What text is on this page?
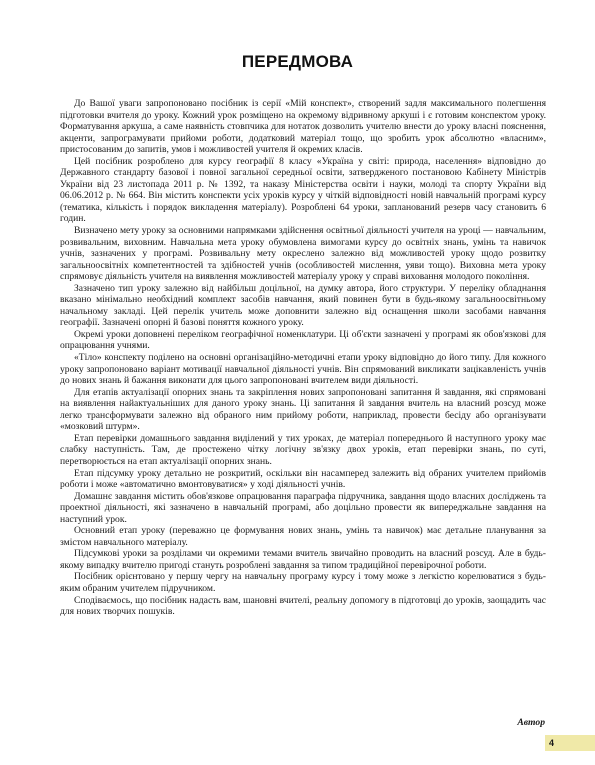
ПЕРЕДМОВА

До Вашої уваги запропоновано посібник із серії «Мій конспект», створений задля максимального полегшення підготовки вчителя до уроку. Кожний урок розміщено на окремому відривному аркуші і є готовим конспектом уроку. Форматування аркуша, а саме наявність стовпчика для нотаток дозволить учителю внести до уроку власні пояснення, акценти, запрограмувати прийоми роботи, додатковий матеріал тощо, що зробить урок абсолютно «власним», пристосованим до запитів, умов і можливостей учителя й окремих класів.

Цей посібник розроблено для курсу географії 8 класу «Україна у світі: природа, населення» відповідно до Державного стандарту базової і повної загальної середньої освіти, затвердженого постановою Кабінету Міністрів України від 23 листопада 2011 р. № 1392, та наказу Міністерства освіти і науки, молоді та спорту України від 06.06.2012 р. № 664. Він містить конспекти усіх уроків курсу у чіткій відповідності новій навчальній програмі курсу (тематика, кількість і порядок викладення матеріалу). Розроблені 64 уроки, запланований резерв часу становить 6 годин.

Визначено мету уроку за основними напрямками здійснення освітньої діяльності учителя на уроці — навчальним, розвивальним, виховним. Навчальна мета уроку обумовлена вимогами курсу до освітніх знань, умінь та навичок учнів, зазначених у програмі. Розвивальну мету окреслено залежно від можливостей уроку щодо розвитку загальноосвітніх компетентностей та здібностей учнів (особливостей мислення, уяви тощо). Виховна мета уроку спрямовує діяльність учителя на виявлення можливостей матеріалу уроку у справі виховання молодого покоління.

Зазначено тип уроку залежно від найбільш доцільної, на думку автора, його структури. У переліку обладнання вказано мінімально необхідний комплект засобів навчання, який повинен бути в будь-якому загальноосвітньому начальному закладі. Цей перелік учитель може доповнити залежно від оснащення школи засобами навчання географії. Зазначені опорні й базові поняття кожного уроку.

Окремі уроки доповнені переліком географічної номенклатури. Ці об'єкти зазначені у програмі як обов'язкові для опрацювання учнями.

«Тіло» конспекту поділено на основні організаційно-методичні етапи уроку відповідно до його типу. Для кожного уроку запропоновано варіант мотивації навчальної діяльності учнів. Він спрямований викликати зацікавленість учнів до нових знань й бажання виконати для цього запропоновані вчителем види діяльності.

Для етапів актуалізації опорних знань та закріплення нових запропоновані запитання й завдання, які спрямовані на виявлення найактуальніших для даного уроку знань. Ці запитання й завдання вчитель на власний розсуд може легко трансформувати залежно від обраного ним прийому роботи, наприклад, провести бесіду або організувати «мозковий штурм».

Етап перевірки домашнього завдання виділений у тих уроках, де матеріал попереднього й наступного уроку має слабку наступність. Там, де простежено чітку логічну зв'язку двох уроків, етап перевірки знань, по суті, перетворюється на етап актуалізації опорних знань.

Етап підсумку уроку детально не розкритий, оскільки він насамперед залежить від обраних учителем прийомів роботи і може «автоматично вмонтовуватися» у ході діяльності учнів.

Домашнє завдання містить обов'язкове опрацювання параграфа підручника, завдання щодо власних досліджень та проектної діяльності, які зазначено в навчальній програмі, або доцільно провести як випереджальне завдання на наступний урок.

Основний етап уроку (переважно це формування нових знань, умінь та навичок) має детальне планування за змістом навчального матеріалу.

Підсумкові уроки за розділами чи окремими темами вчитель звичайно проводить на власний розсуд. Але в будь-якому випадку вчителю пригоді стануть розроблені завдання за типом традиційної перевірочної роботи.

Посібник орієнтовано у першу чергу на навчальну програму курсу і тому може з легкістю корелюватися з будь-яким обраним учителем підручником.

Сподіваємось, що посібник надасть вам, шановні вчителі, реальну допомогу в підготовці до уроків, заощадить час для нових творчих пошуків.

Автор
4
